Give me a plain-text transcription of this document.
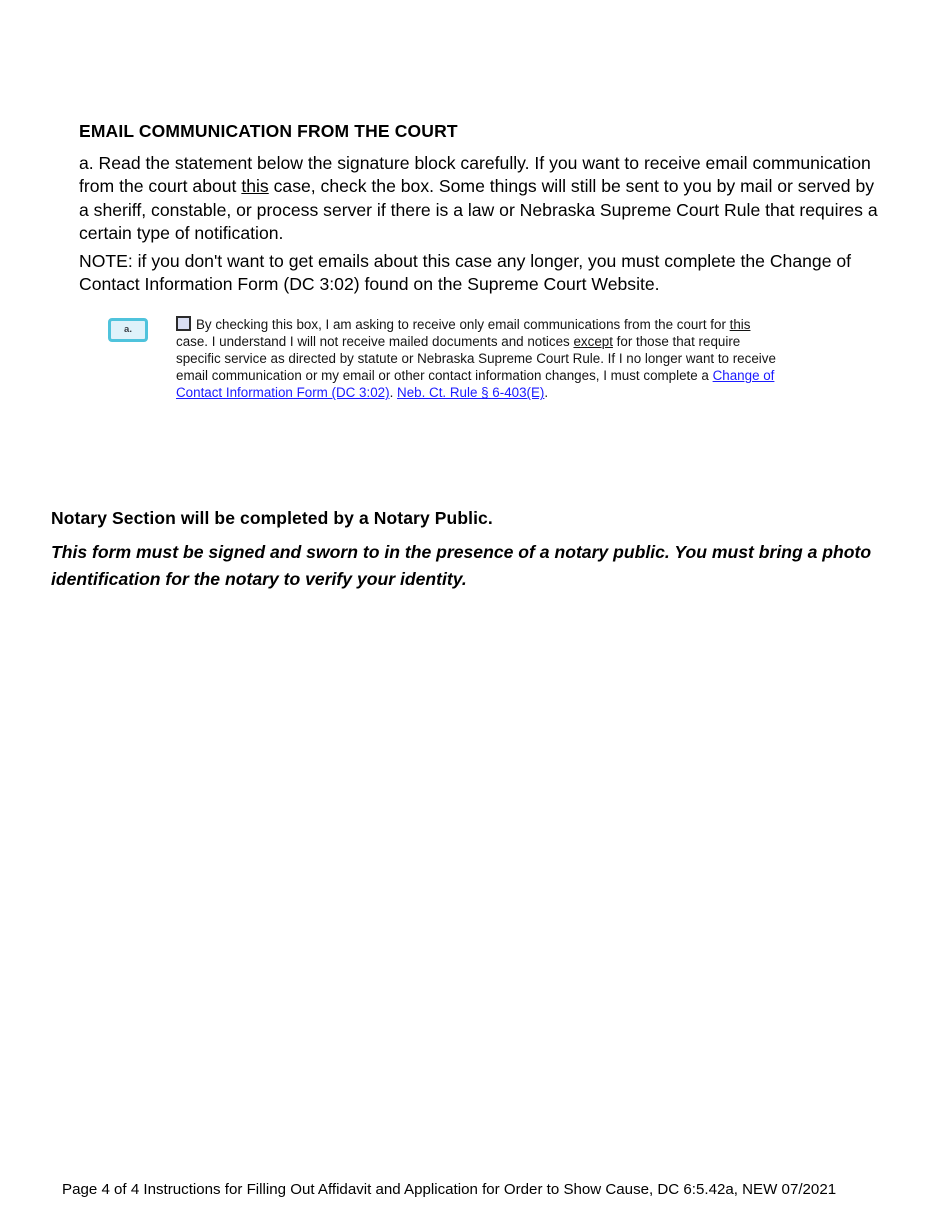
EMAIL COMMUNICATION FROM THE COURT
a. Read the statement below the signature block carefully. If you want to receive email communication from the court about this case, check the box. Some things will still be sent to you by mail or served by a sheriff, constable, or process server if there is a law or Nebraska Supreme Court Rule that requires a certain type of notification.
NOTE: if you don't want to get emails about this case any longer, you must complete the Change of Contact Information Form (DC 3:02) found on the Supreme Court Website.
a.	By checking this box, I am asking to receive only email communications from the court for this case. I understand I will not receive mailed documents and notices except for those that require specific service as directed by statute or Nebraska Supreme Court Rule. If I no longer want to receive email communication or my email or other contact information changes, I must complete a Change of Contact Information Form (DC 3:02). Neb. Ct. Rule § 6-403(E).
Notary Section will be completed by a Notary Public.
This form must be signed and sworn to in the presence of a notary public. You must bring a photo identification for the notary to verify your identity.
Page 4 of 4 Instructions for Filling Out Affidavit and Application for Order to Show Cause, DC 6:5.42a, NEW 07/2021
